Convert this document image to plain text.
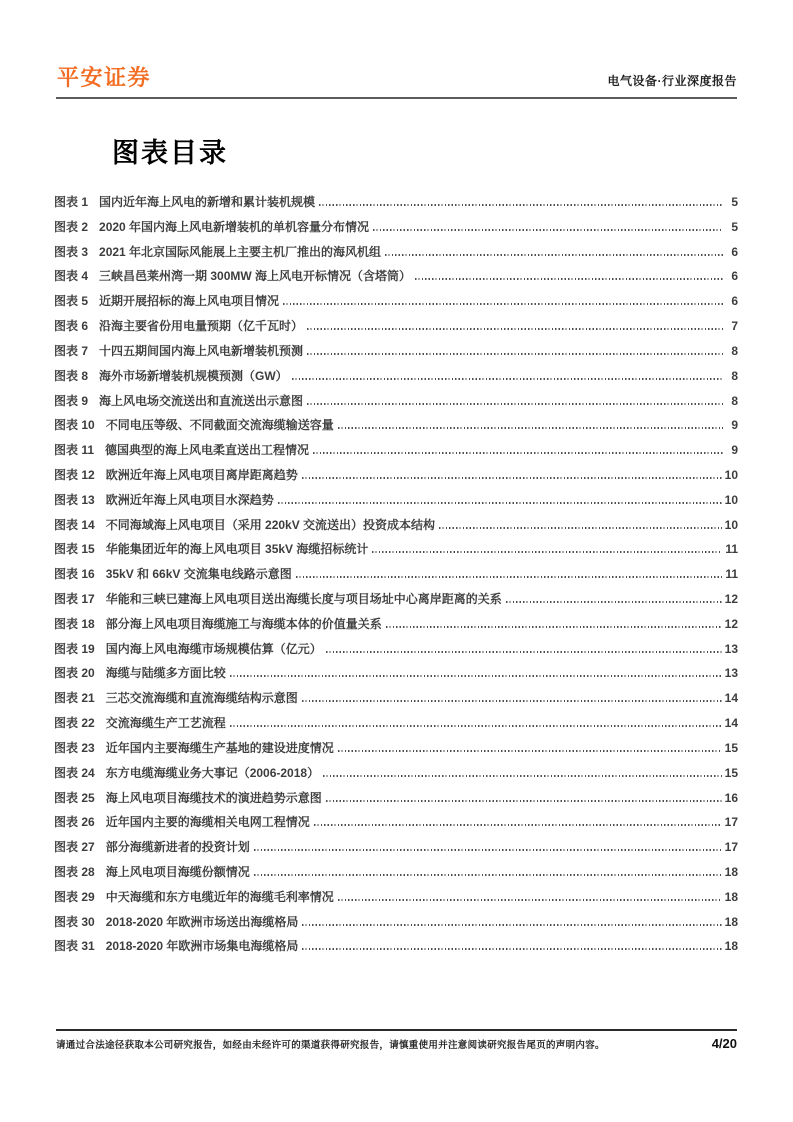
平安证券	电气设备·行业深度报告
图表目录
图表 1 国内近年海上风电的新增和累计装机规模	5
图表 2 2020 年国内海上风电新增装机的单机容量分布情况	5
图表 3 2021 年北京国际风能展上主要主机厂推出的海风机组	6
图表 4 三峡昌邑莱州湾一期 300MW 海上风电开标情况（含塔筒）	6
图表 5 近期开展招标的海上风电项目情况	6
图表 6 沿海主要省份用电量预期（亿千瓦时）	7
图表 7 十四五期间国内海上风电新增装机预测	8
图表 8 海外市场新增装机规模预测（GW）	8
图表 9 海上风电场交流送出和直流送出示意图	8
图表 10 不同电压等级、不同截面交流海缆输送容量	9
图表 11 德国典型的海上风电柔直送出工程情况	9
图表 12 欧洲近年海上风电项目离岸距离趋势	10
图表 13 欧洲近年海上风电项目水深趋势	10
图表 14 不同海域海上风电项目（采用 220kV 交流送出）投资成本结构	10
图表 15 华能集团近年的海上风电项目 35kV 海缆招标统计	11
图表 16 35kV 和 66kV 交流集电线路示意图	11
图表 17 华能和三峡已建海上风电项目送出海缆长度与项目场址中心离岸距离的关系	12
图表 18 部分海上风电项目海缆施工与海缆本体的价值量关系	12
图表 19 国内海上风电海缆市场规模估算（亿元）	13
图表 20 海缆与陆缆多方面比较	13
图表 21 三芯交流海缆和直流海缆结构示意图	14
图表 22 交流海缆生产工艺流程	14
图表 23 近年国内主要海缆生产基地的建设进度情况	15
图表 24 东方电缆海缆业务大事记（2006-2018）	15
图表 25 海上风电项目海缆技术的演进趋势示意图	16
图表 26 近年国内主要的海缆相关电网工程情况	17
图表 27 部分海缆新进者的投资计划	17
图表 28 海上风电项目海缆份额情况	18
图表 29 中天海缆和东方电缆近年的海缆毛利率情况	18
图表 30 2018-2020 年欧洲市场送出海缆格局	18
图表 31 2018-2020 年欧洲市场集电海缆格局	18
请通过合法途径获取本公司研究报告，如经由未经许可的渠道获得研究报告，请慎重使用并注意阅读研究报告尾页的声明内容。	4/20
